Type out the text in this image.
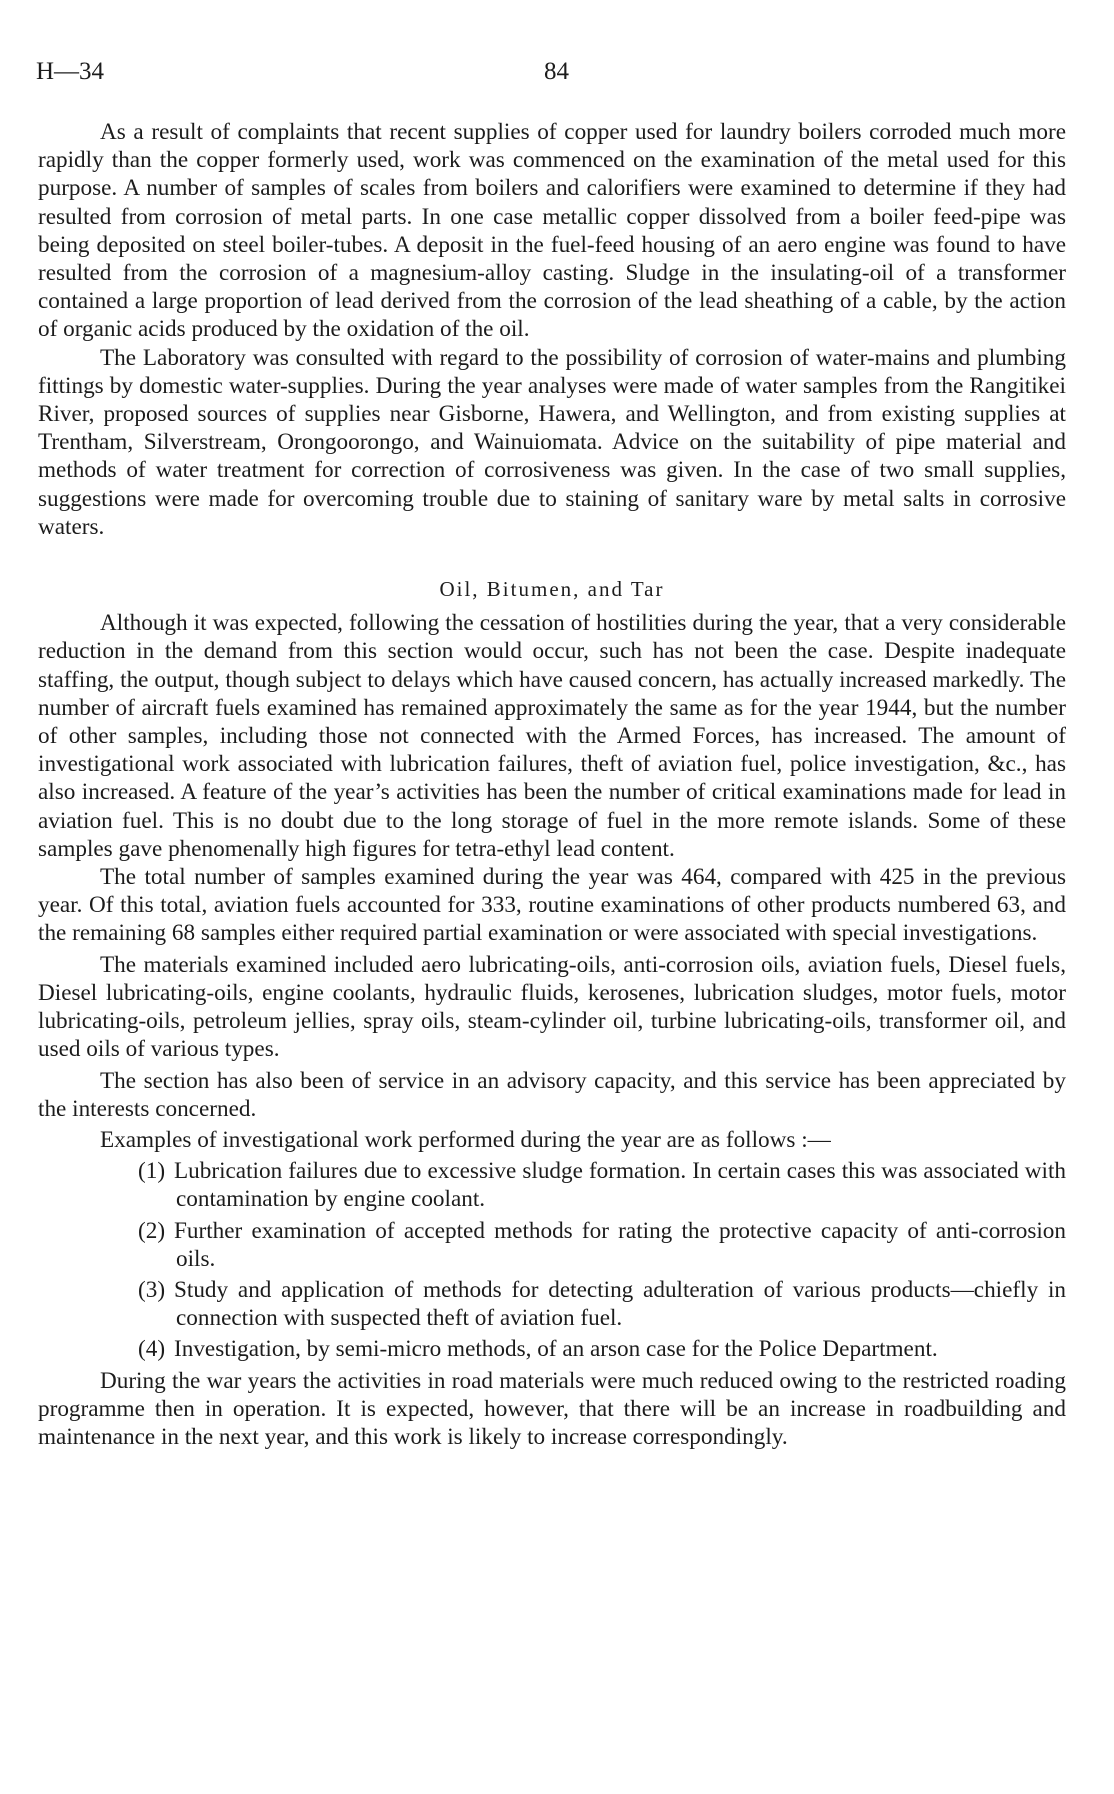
H—34	84

As a result of complaints that recent supplies of copper used for laundry boilers corroded much more rapidly than the copper formerly used, work was commenced on the examination of the metal used for this purpose. A number of samples of scales from boilers and calorifiers were examined to determine if they had resulted from corrosion of metal parts. In one case metallic copper dissolved from a boiler feed-pipe was being deposited on steel boiler-tubes. A deposit in the fuel-feed housing of an aero engine was found to have resulted from the corrosion of a magnesium-alloy casting. Sludge in the insulating-oil of a transformer contained a large proportion of lead derived from the corrosion of the lead sheathing of a cable, by the action of organic acids produced by the oxidation of the oil.

The Laboratory was consulted with regard to the possibility of corrosion of water-mains and plumbing fittings by domestic water-supplies. During the year analyses were made of water samples from the Rangitikei River, proposed sources of supplies near Gisborne, Hawera, and Wellington, and from existing supplies at Trentham, Silverstream, Orongoorongo, and Wainuiomata. Advice on the suitability of pipe material and methods of water treatment for correction of corrosiveness was given. In the case of two small supplies, suggestions were made for overcoming trouble due to staining of sanitary ware by metal salts in corrosive waters.

Oil, Bitumen, and Tar

Although it was expected, following the cessation of hostilities during the year, that a very considerable reduction in the demand from this section would occur, such has not been the case. Despite inadequate staffing, the output, though subject to delays which have caused concern, has actually increased markedly. The number of aircraft fuels examined has remained approximately the same as for the year 1944, but the number of other samples, including those not connected with the Armed Forces, has increased. The amount of investigational work associated with lubrication failures, theft of aviation fuel, police investigation, &c., has also increased. A feature of the year’s activities has been the number of critical examinations made for lead in aviation fuel. This is no doubt due to the long storage of fuel in the more remote islands. Some of these samples gave phenomenally high figures for tetra-ethyl lead content.

The total number of samples examined during the year was 464, compared with 425 in the previous year. Of this total, aviation fuels accounted for 333, routine examinations of other products numbered 63, and the remaining 68 samples either required partial examination or were associated with special investigations.

The materials examined included aero lubricating-oils, anti-corrosion oils, aviation fuels, Diesel fuels, Diesel lubricating-oils, engine coolants, hydraulic fluids, kerosenes, lubrication sludges, motor fuels, motor lubricating-oils, petroleum jellies, spray oils, steam-cylinder oil, turbine lubricating-oils, transformer oil, and used oils of various types.

The section has also been of service in an advisory capacity, and this service has been appreciated by the interests concerned.

Examples of investigational work performed during the year are as follows :—

(1) Lubrication failures due to excessive sludge formation. In certain cases this was associated with contamination by engine coolant.

(2) Further examination of accepted methods for rating the protective capacity of anti-corrosion oils.

(3) Study and application of methods for detecting adulteration of various products—chiefly in connection with suspected theft of aviation fuel.

(4) Investigation, by semi-micro methods, of an arson case for the Police Department.

During the war years the activities in road materials were much reduced owing to the restricted roading programme then in operation. It is expected, however, that there will be an increase in roadbuilding and maintenance in the next year, and this work is likely to increase correspondingly.
